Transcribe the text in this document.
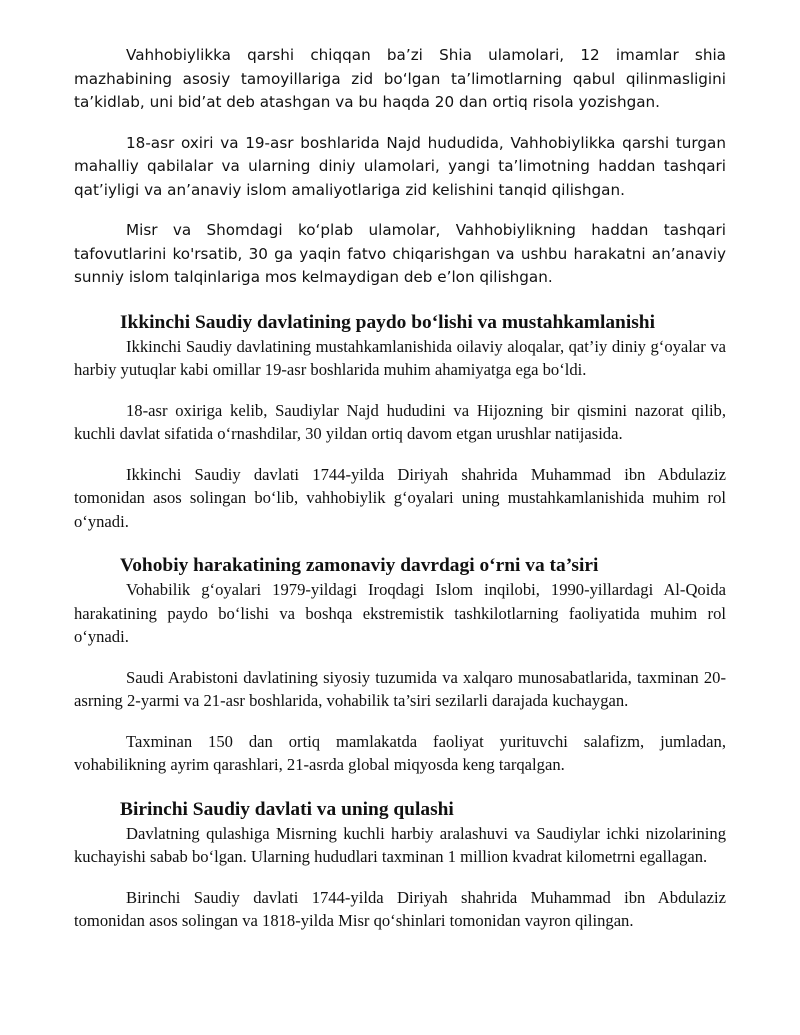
Vahhobiylikka qarshi chiqqan ba’zi Shia ulamolari, 12 imamlar shia mazhabining asosiy tamoyillariga zid bo‘lgan ta’limotlarning qabul qilinmasligini ta’kidlab, uni bid’at deb atashgan va bu haqda 20 dan ortiq risola yozishgan.

18-asr oxiri va 19-asr boshlarida Najd hududida, Vahhobiylikka qarshi turgan mahalliy qabilalar va ularning diniy ulamolari, yangi ta’limotning haddan tashqari qat’iyligi va an’anaviy islom amaliyotlariga zid kelishini tanqid qilishgan.

Misr va Shomdagi ko‘plab ulamolar, Vahhobiylikning haddan tashqari tafovutlarini ko'rsatib, 30 ga yaqin fatvo chiqarishgan va ushbu harakatni an’anaviy sunniy islom talqinlariga mos kelmaydigan deb e’lon qilishgan.

Ikkinchi Saudiy davlatining paydo bo‘lishi va mustahkamlanishi

Ikkinchi Saudiy davlatining mustahkamlanishida oilaviy aloqalar, qat’iy diniy g‘oyalar va harbiy yutuqlar kabi omillar 19-asr boshlarida muhim ahamiyatga ega bo‘ldi.

18-asr oxiriga kelib, Saudiylar Najd hududini va Hijozning bir qismini nazorat qilib, kuchli davlat sifatida o‘rnashdilar, 30 yildan ortiq davom etgan urushlar natijasida.

Ikkinchi Saudiy davlati 1744-yilda Diriyah shahrida Muhammad ibn Abdulaziz tomonidan asos solingan bo‘lib, vahhobiylik g‘oyalari uning mustahkamlanishida muhim rol o‘ynadi.

Vohobiy harakatining zamonaviy davrdagi o‘rni va ta’siri

Vohabilik g‘oyalari 1979-yildagi Iroqdagi Islom inqilobi, 1990-yillardagi Al-Qoida harakatining paydo bo‘lishi va boshqa ekstremistik tashkilotlarning faoliyatida muhim rol o‘ynadi.

Saudi Arabistoni davlatining siyosiy tuzumida va xalqaro munosabatlarida, taxminan 20-asrning 2-yarmi va 21-asr boshlarida, vohabilik ta’siri sezilarli darajada kuchaygan.

Taxminan 150 dan ortiq mamlakatda faoliyat yurituvchi salafizm, jumladan, vohabilikning ayrim qarashlari, 21-asrda global miqyosda keng tarqalgan.

Birinchi Saudiy davlati va uning qulashi

Davlatning qulashiga Misrning kuchli harbiy aralashuvi va Saudiylar ichki nizolarining kuchayishi sabab bo‘lgan. Ularning hududlari taxminan 1 million kvadrat kilometrni egallagan.

Birinchi Saudiy davlati 1744-yilda Diriyah shahrida Muhammad ibn Abdulaziz tomonidan asos solingan va 1818-yilda Misr qo‘shinlari tomonidan vayron qilingan.
